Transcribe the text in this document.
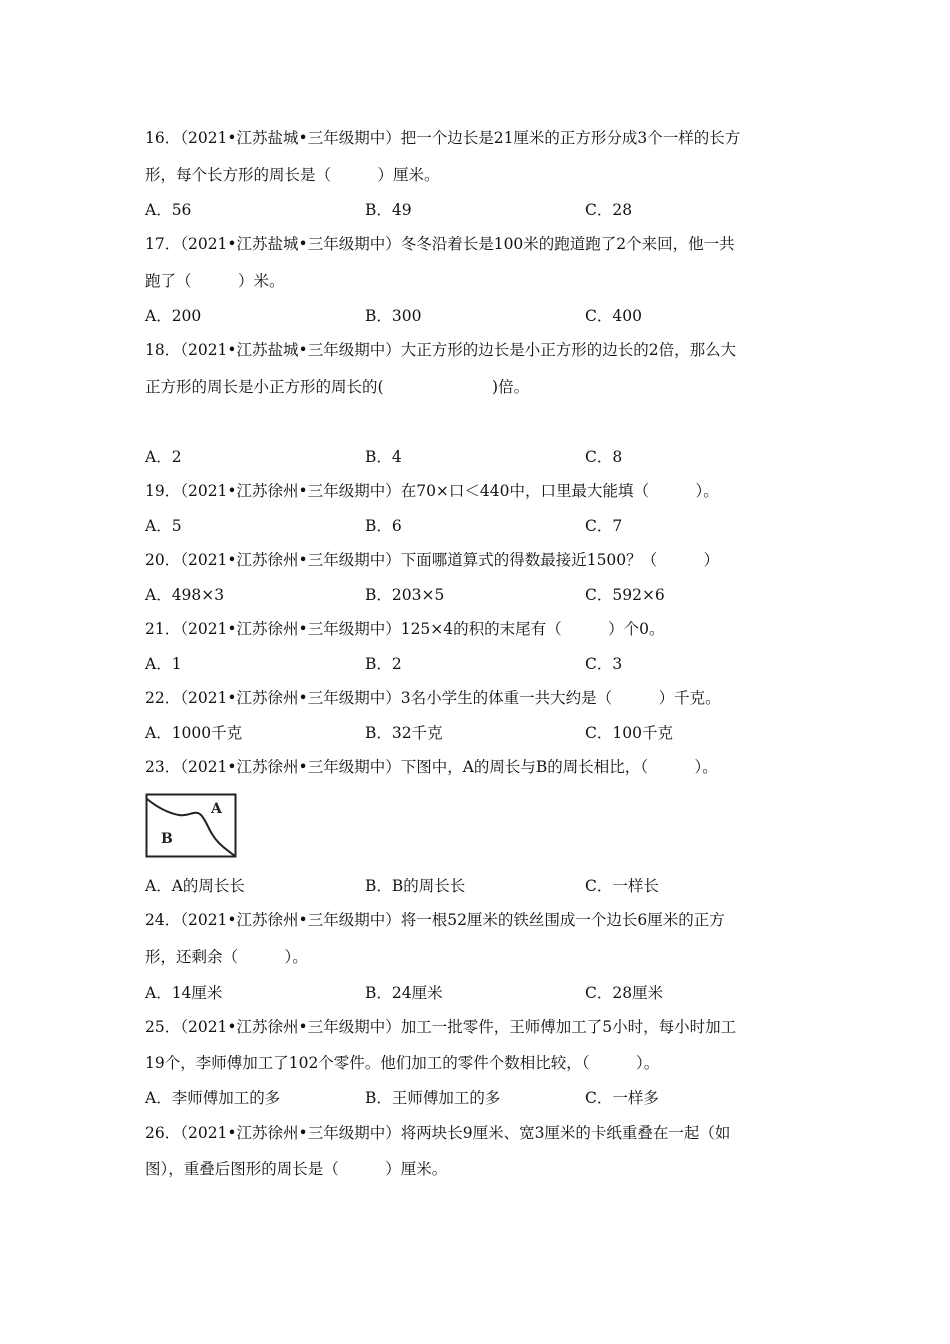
16．（2021•江苏盐城•三年级期中）把一个边长是21厘米的正方形分成3个一样的长方
形，每个长方形的周长是（　　　）厘米。
A．56	B．49	C．28
17．（2021•江苏盐城•三年级期中）冬冬沿着长是100米的跑道跑了2个来回，他一共
跑了（　　　）米。
A．200	B．300	C．400
18．（2021•江苏盐城•三年级期中）大正方形的边长是小正方形的边长的2倍，那么大
正方形的周长是小正方形的周长的(　　　　　　　)倍。
A．2	B．4	C．8
19．（2021•江苏徐州•三年级期中）在70×口＜440中，口里最大能填（　　　）。
A．5	B．6	C．7
20．（2021•江苏徐州•三年级期中）下面哪道算式的得数最接近1500？（　　　）
A．498×3	B．203×5	C．592×6
21．（2021•江苏徐州•三年级期中）125×4的积的末尾有（　　　）个0。
A．1	B．2	C．3
22．（2021•江苏徐州•三年级期中）3名小学生的体重一共大约是（　　　）千克。
A．1000千克	B．32千克	C．100千克
23．（2021•江苏徐州•三年级期中）下图中，A的周长与B的周长相比，（　　　）。
A
B
A．A的周长长	B．B的周长长	C．一样长
24．（2021•江苏徐州•三年级期中）将一根52厘米的铁丝围成一个边长6厘米的正方
形，还剩余（　　　）。
A．14厘米	B．24厘米	C．28厘米
25．（2021•江苏徐州•三年级期中）加工一批零件，王师傅加工了5小时，每小时加工
19个，李师傅加工了102个零件。他们加工的零件个数相比较，（　　　）。
A．李师傅加工的多	B．王师傅加工的多	C．一样多
26．（2021•江苏徐州•三年级期中）将两块长9厘米、宽3厘米的卡纸重叠在一起（如
图），重叠后图形的周长是（　　　）厘米。
